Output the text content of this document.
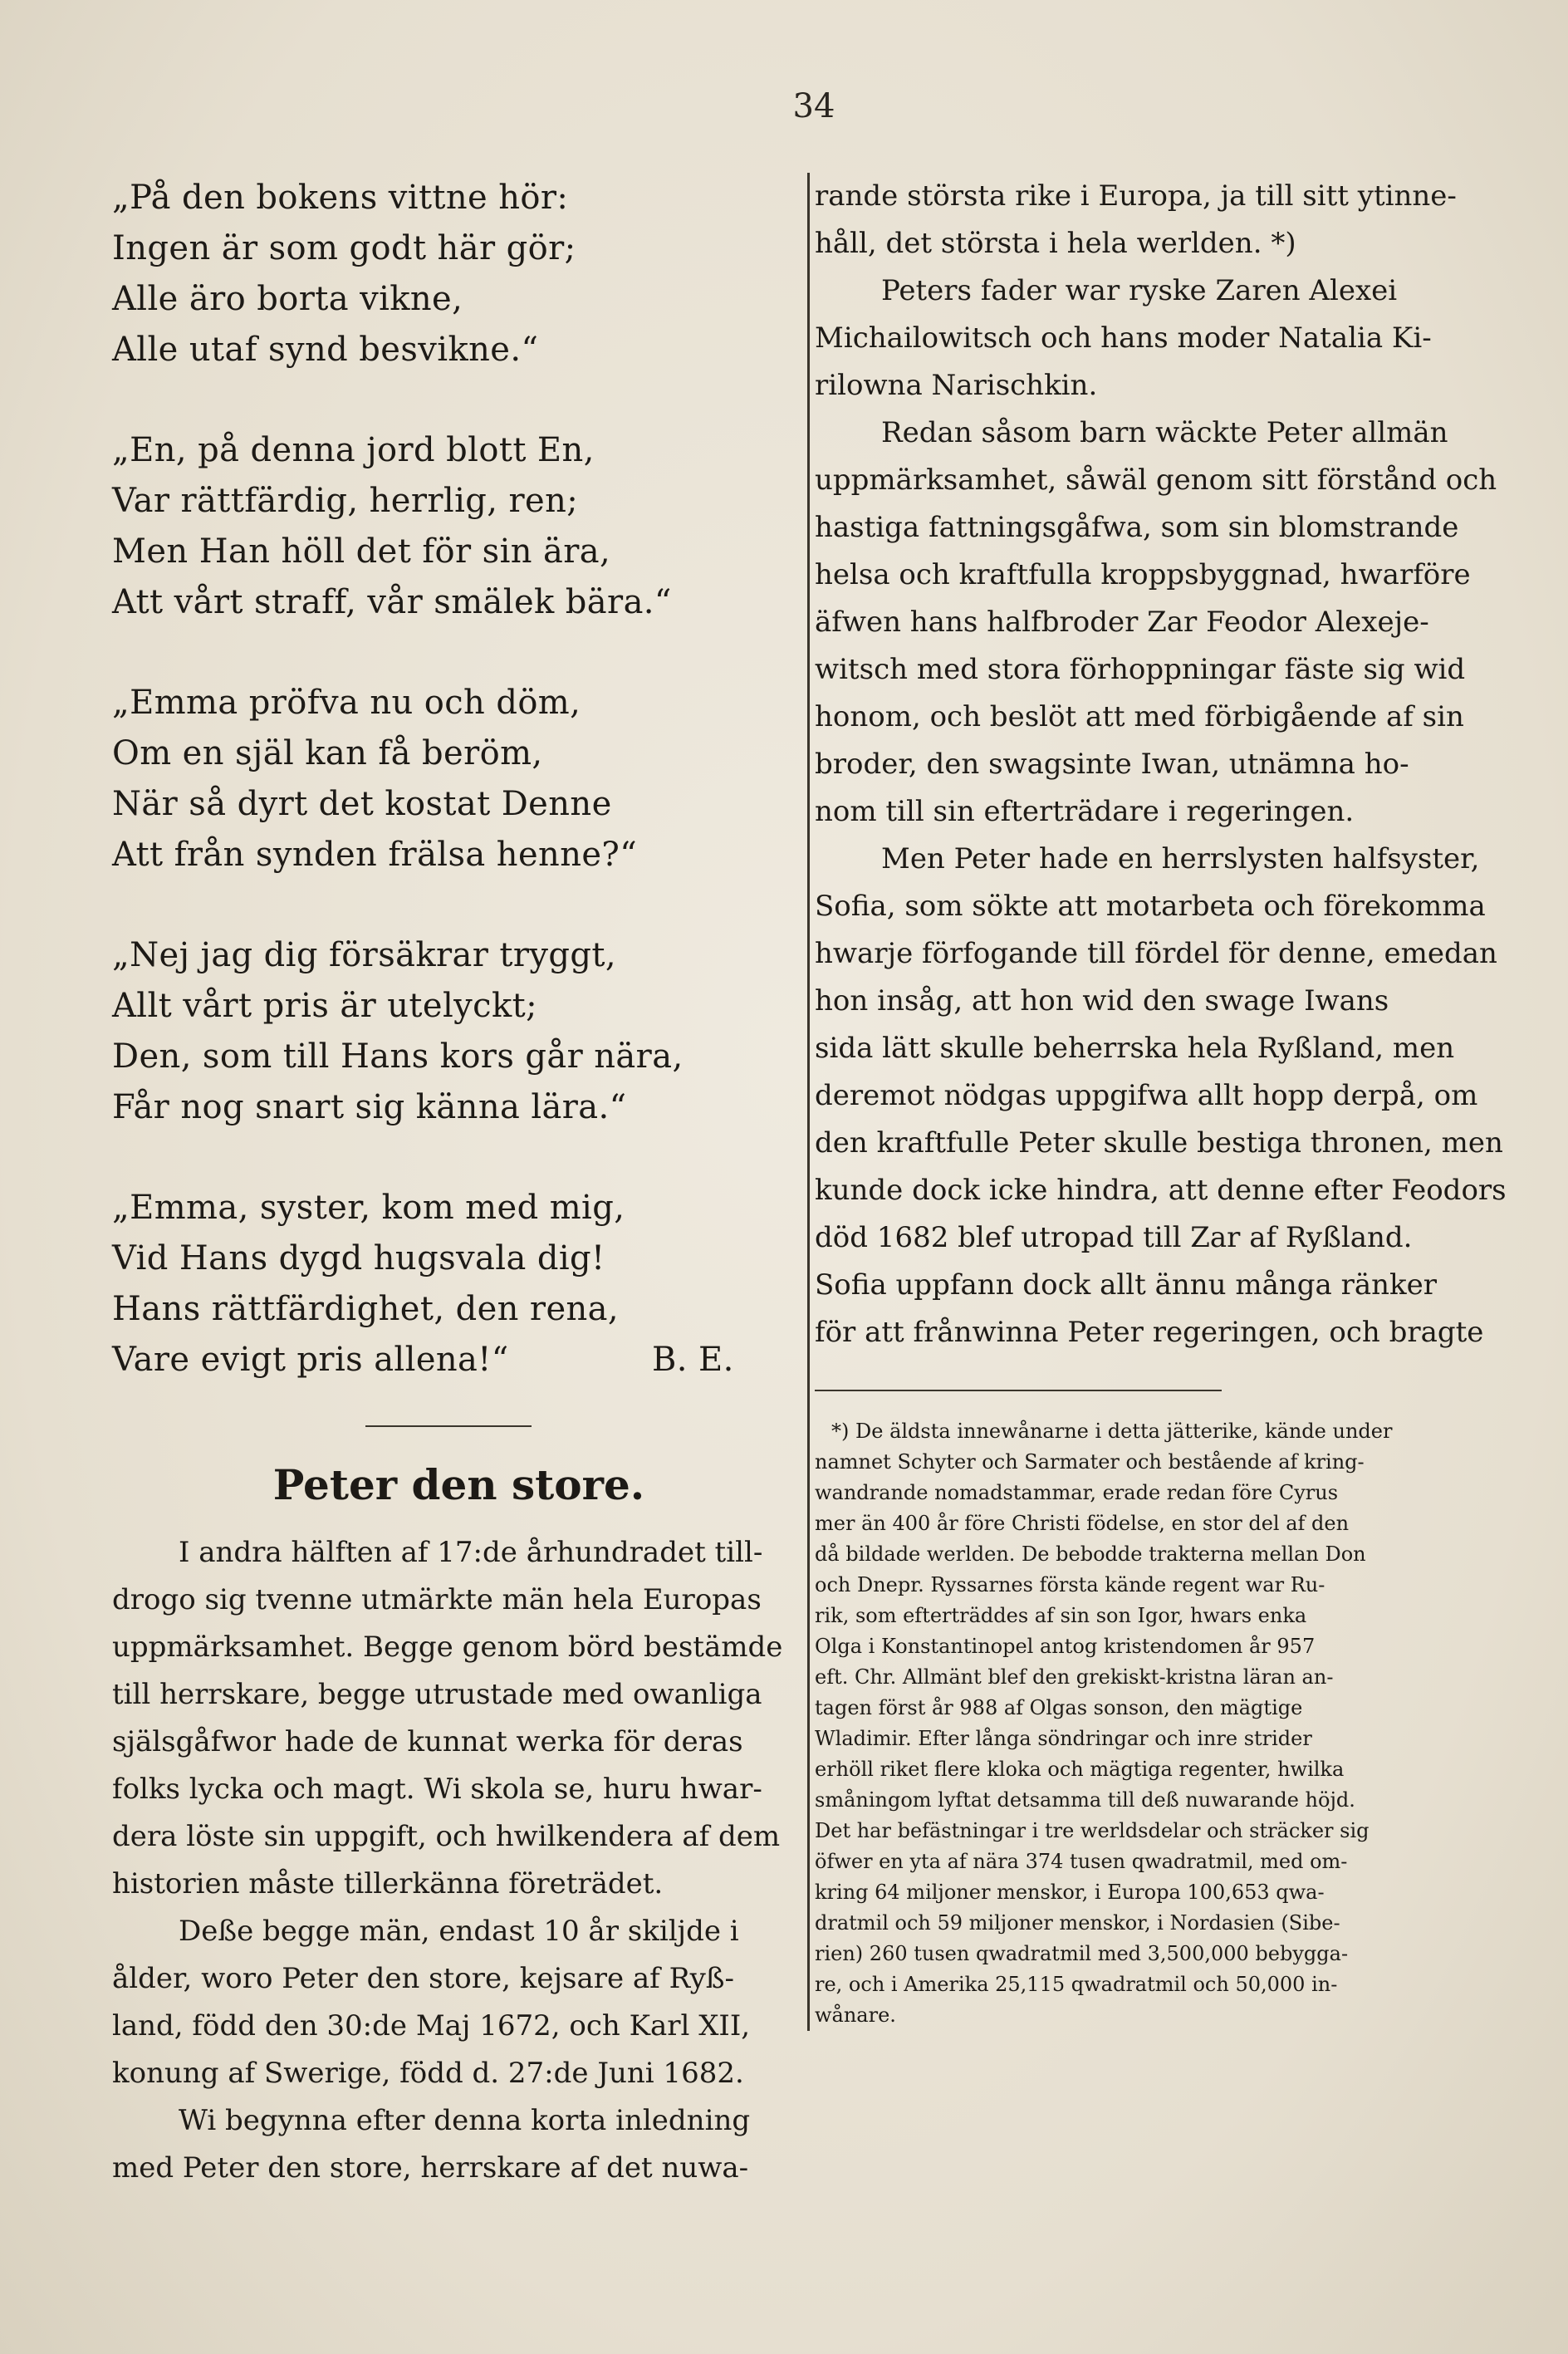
34
„På den bokens vittne hör:
Ingen är som godt här gör;
Alle äro borta vikne,
Alle utaf synd besvikne.“
„En, på denna jord blott En,
Var rättfärdig, herrlig, ren;
Men Han höll det för sin ära,
Att vårt straff, vår smälek bära.“
„Emma pröfva nu och döm,
Om en själ kan få beröm,
När så dyrt det kostat Denne
Att från synden frälsa henne?“
„Nej jag dig försäkrar tryggt,
Allt vårt pris är utelyckt;
Den, som till Hans kors går nära,
Får nog snart sig känna lära.“
„Emma, syster, kom med mig,
Vid Hans dygd hugsvala dig!
Hans rättfärdighet, den rena,
Vare evigt pris allena!“	B. E.
Peter den store.
I andra hälften af 17:de århundradet till-
drogo sig tvenne utmärkte män hela Europas
uppmärksamhet. Begge genom börd bestämde
till herrskare, begge utrustade med owanliga
själsgåfwor hade de kunnat werka för deras
folks lycka och magt. Wi skola se, huru hwar-
dera löste sin uppgift, och hwilkendera af dem
historien måste tillerkänna företrädet.
Deße begge män, endast 10 år skiljde i
ålder, woro Peter den store, kejsare af Ryß-
land, född den 30:de Maj 1672, och Karl XII,
konung af Swerige, född d. 27:de Juni 1682.
Wi begynna efter denna korta inledning
med Peter den store, herrskare af det nuwa-
rande största rike i Europa, ja till sitt ytinne-
håll, det största i hela werlden. *)
Peters fader war ryske Zaren Alexei
Michailowitsch och hans moder Natalia Ki-
rilowna Narischkin.
Redan såsom barn wäckte Peter allmän
uppmärksamhet, såwäl genom sitt förstånd och
hastiga fattningsgåfwa, som sin blomstrande
helsa och kraftfulla kroppsbyggnad, hwarföre
äfwen hans halfbroder Zar Feodor Alexeje-
witsch med stora förhoppningar fäste sig wid
honom, och beslöt att med förbigående af sin
broder, den swagsinte Iwan, utnämna ho-
nom till sin efterträdare i regeringen.
Men Peter hade en herrslysten halfsyster,
Sofia, som sökte att motarbeta och förekomma
hwarje förfogande till fördel för denne, emedan
hon insåg, att hon wid den swage Iwans
sida lätt skulle beherrska hela Ryßland, men
deremot nödgas uppgifwa allt hopp derpå, om
den kraftfulle Peter skulle bestiga thronen, men
kunde dock icke hindra, att denne efter Feodors
död 1682 blef utropad till Zar af Ryßland.
Sofia uppfann dock allt ännu många ränker
för att frånwinna Peter regeringen, och bragte
*) De äldsta innewånarne i detta jätterike, kände under
namnet Schyter och Sarmater och bestående af kring-
wandrande nomadstammar, erade redan före Cyrus
mer än 400 år före Christi födelse, en stor del af den
då bildade werlden. De bebodde trakterna mellan Don
och Dnepr. Ryssarnes första kände regent war Ru-
rik, som efterträddes af sin son Igor, hwars enka
Olga i Konstantinopel antog kristendomen år 957
eft. Chr. Allmänt blef den grekiskt-kristna läran an-
tagen först år 988 af Olgas sonson, den mägtige
Wladimir. Efter långa söndringar och inre strider
erhöll riket flere kloka och mägtiga regenter, hwilka
småningom lyftat detsamma till deß nuwarande höjd.
Det har befästningar i tre werldsdelar och sträcker sig
öfwer en yta af nära 374 tusen qwadratmil, med om-
kring 64 miljoner menskor, i Europa 100,653 qwa-
dratmil och 59 miljoner menskor, i Nordasien (Sibe-
rien) 260 tusen qwadratmil med 3,500,000 bebygga-
re, och i Amerika 25,115 qwadratmil och 50,000 in-
wånare.
